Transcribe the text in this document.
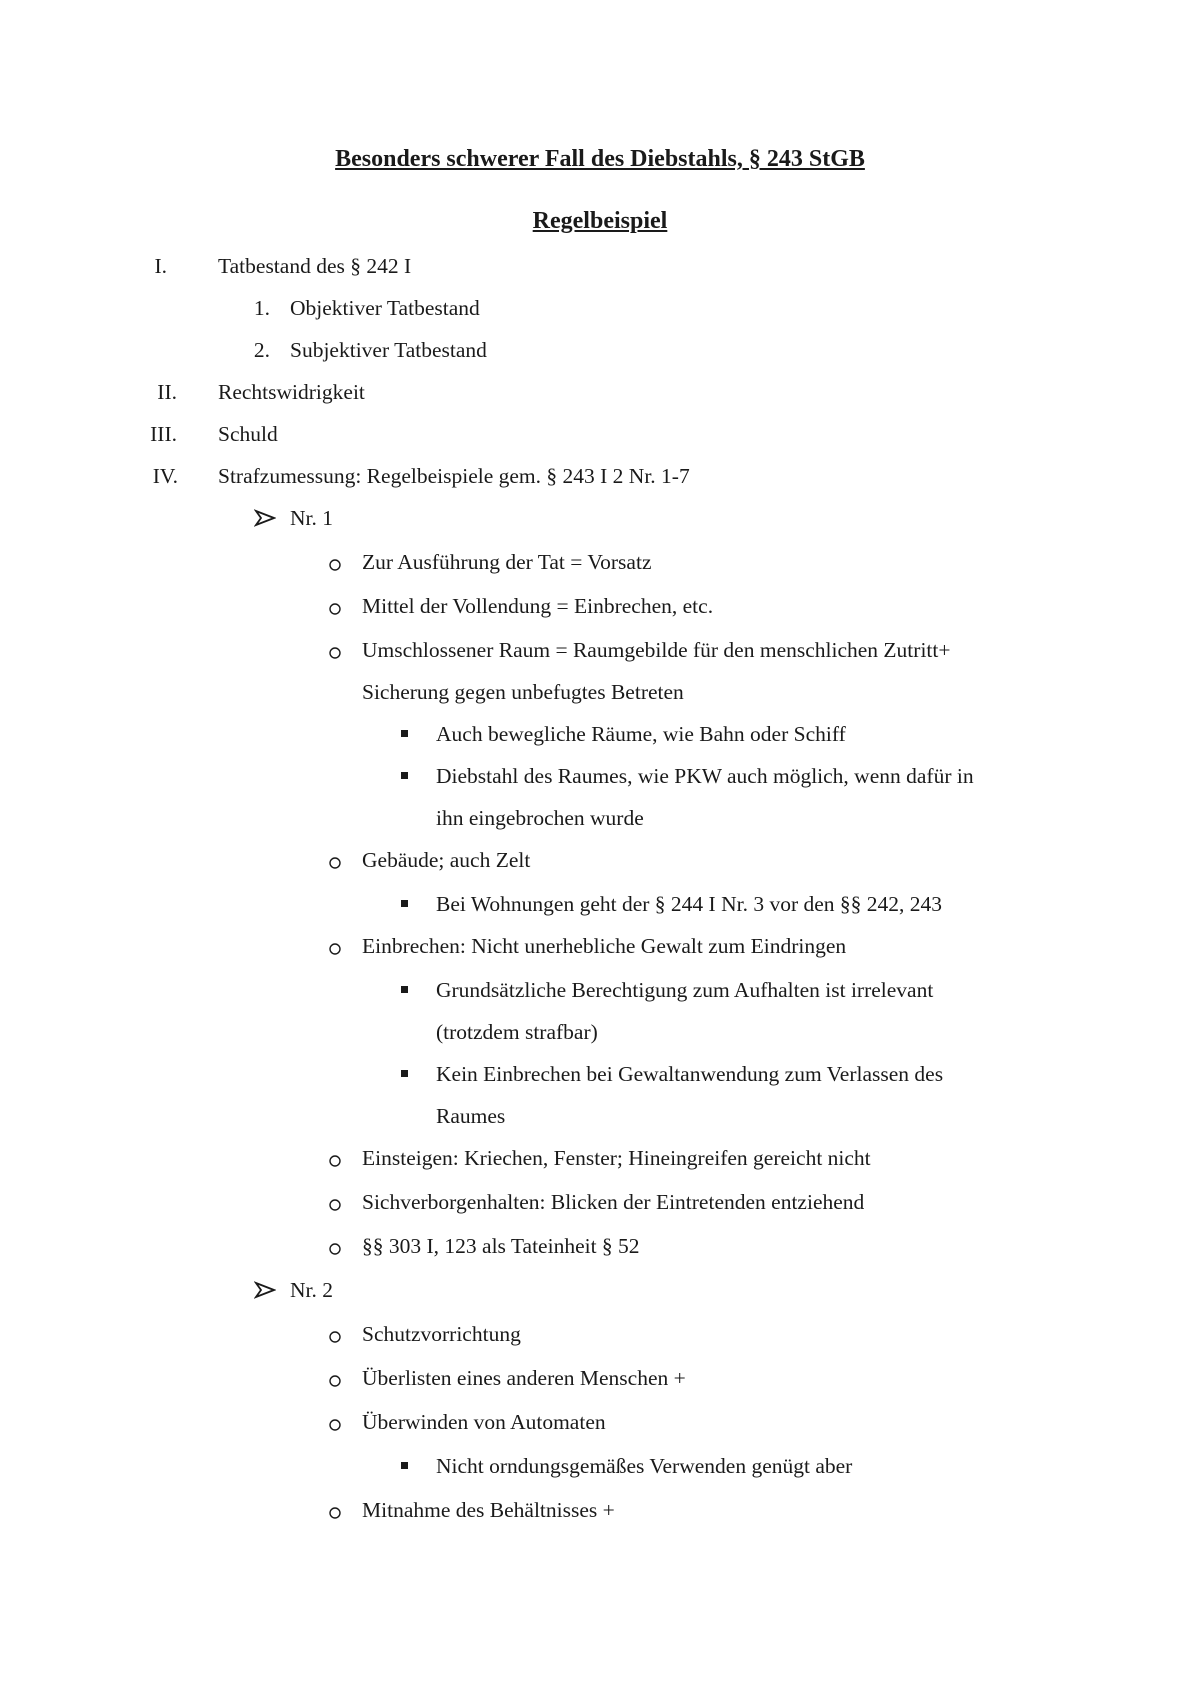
Besonders schwerer Fall des Diebstahls, § 243 StGB
Regelbeispiel
I. Tatbestand des § 242 I
1. Objektiver Tatbestand
2. Subjektiver Tatbestand
II. Rechtswidrigkeit
III. Schuld
IV. Strafzumessung: Regelbeispiele gem. § 243 I 2 Nr. 1-7
Nr. 1
Zur Ausführung der Tat = Vorsatz
Mittel der Vollendung = Einbrechen, etc.
Umschlossener Raum = Raumgebilde für den menschlichen Zutritt+
Sicherung gegen unbefugtes Betreten
Auch bewegliche Räume, wie Bahn oder Schiff
Diebstahl des Raumes, wie PKW auch möglich, wenn dafür in
ihn eingebrochen wurde
Gebäude; auch Zelt
Bei Wohnungen geht der § 244 I Nr. 3 vor den §§ 242, 243
Einbrechen: Nicht unerhebliche Gewalt zum Eindringen
Grundsätzliche Berechtigung zum Aufhalten ist irrelevant
(trotzdem strafbar)
Kein Einbrechen bei Gewaltanwendung zum Verlassen des
Raumes
Einsteigen: Kriechen, Fenster; Hineingreifen gereicht nicht
Sichverborgenhalten: Blicken der Eintretenden entziehend
§§ 303 I, 123 als Tateinheit § 52
Nr. 2
Schutzvorrichtung
Überlisten eines anderen Menschen +
Überwinden von Automaten
Nicht orndungsgemäßes Verwenden genügt aber
Mitnahme des Behältnisses +
